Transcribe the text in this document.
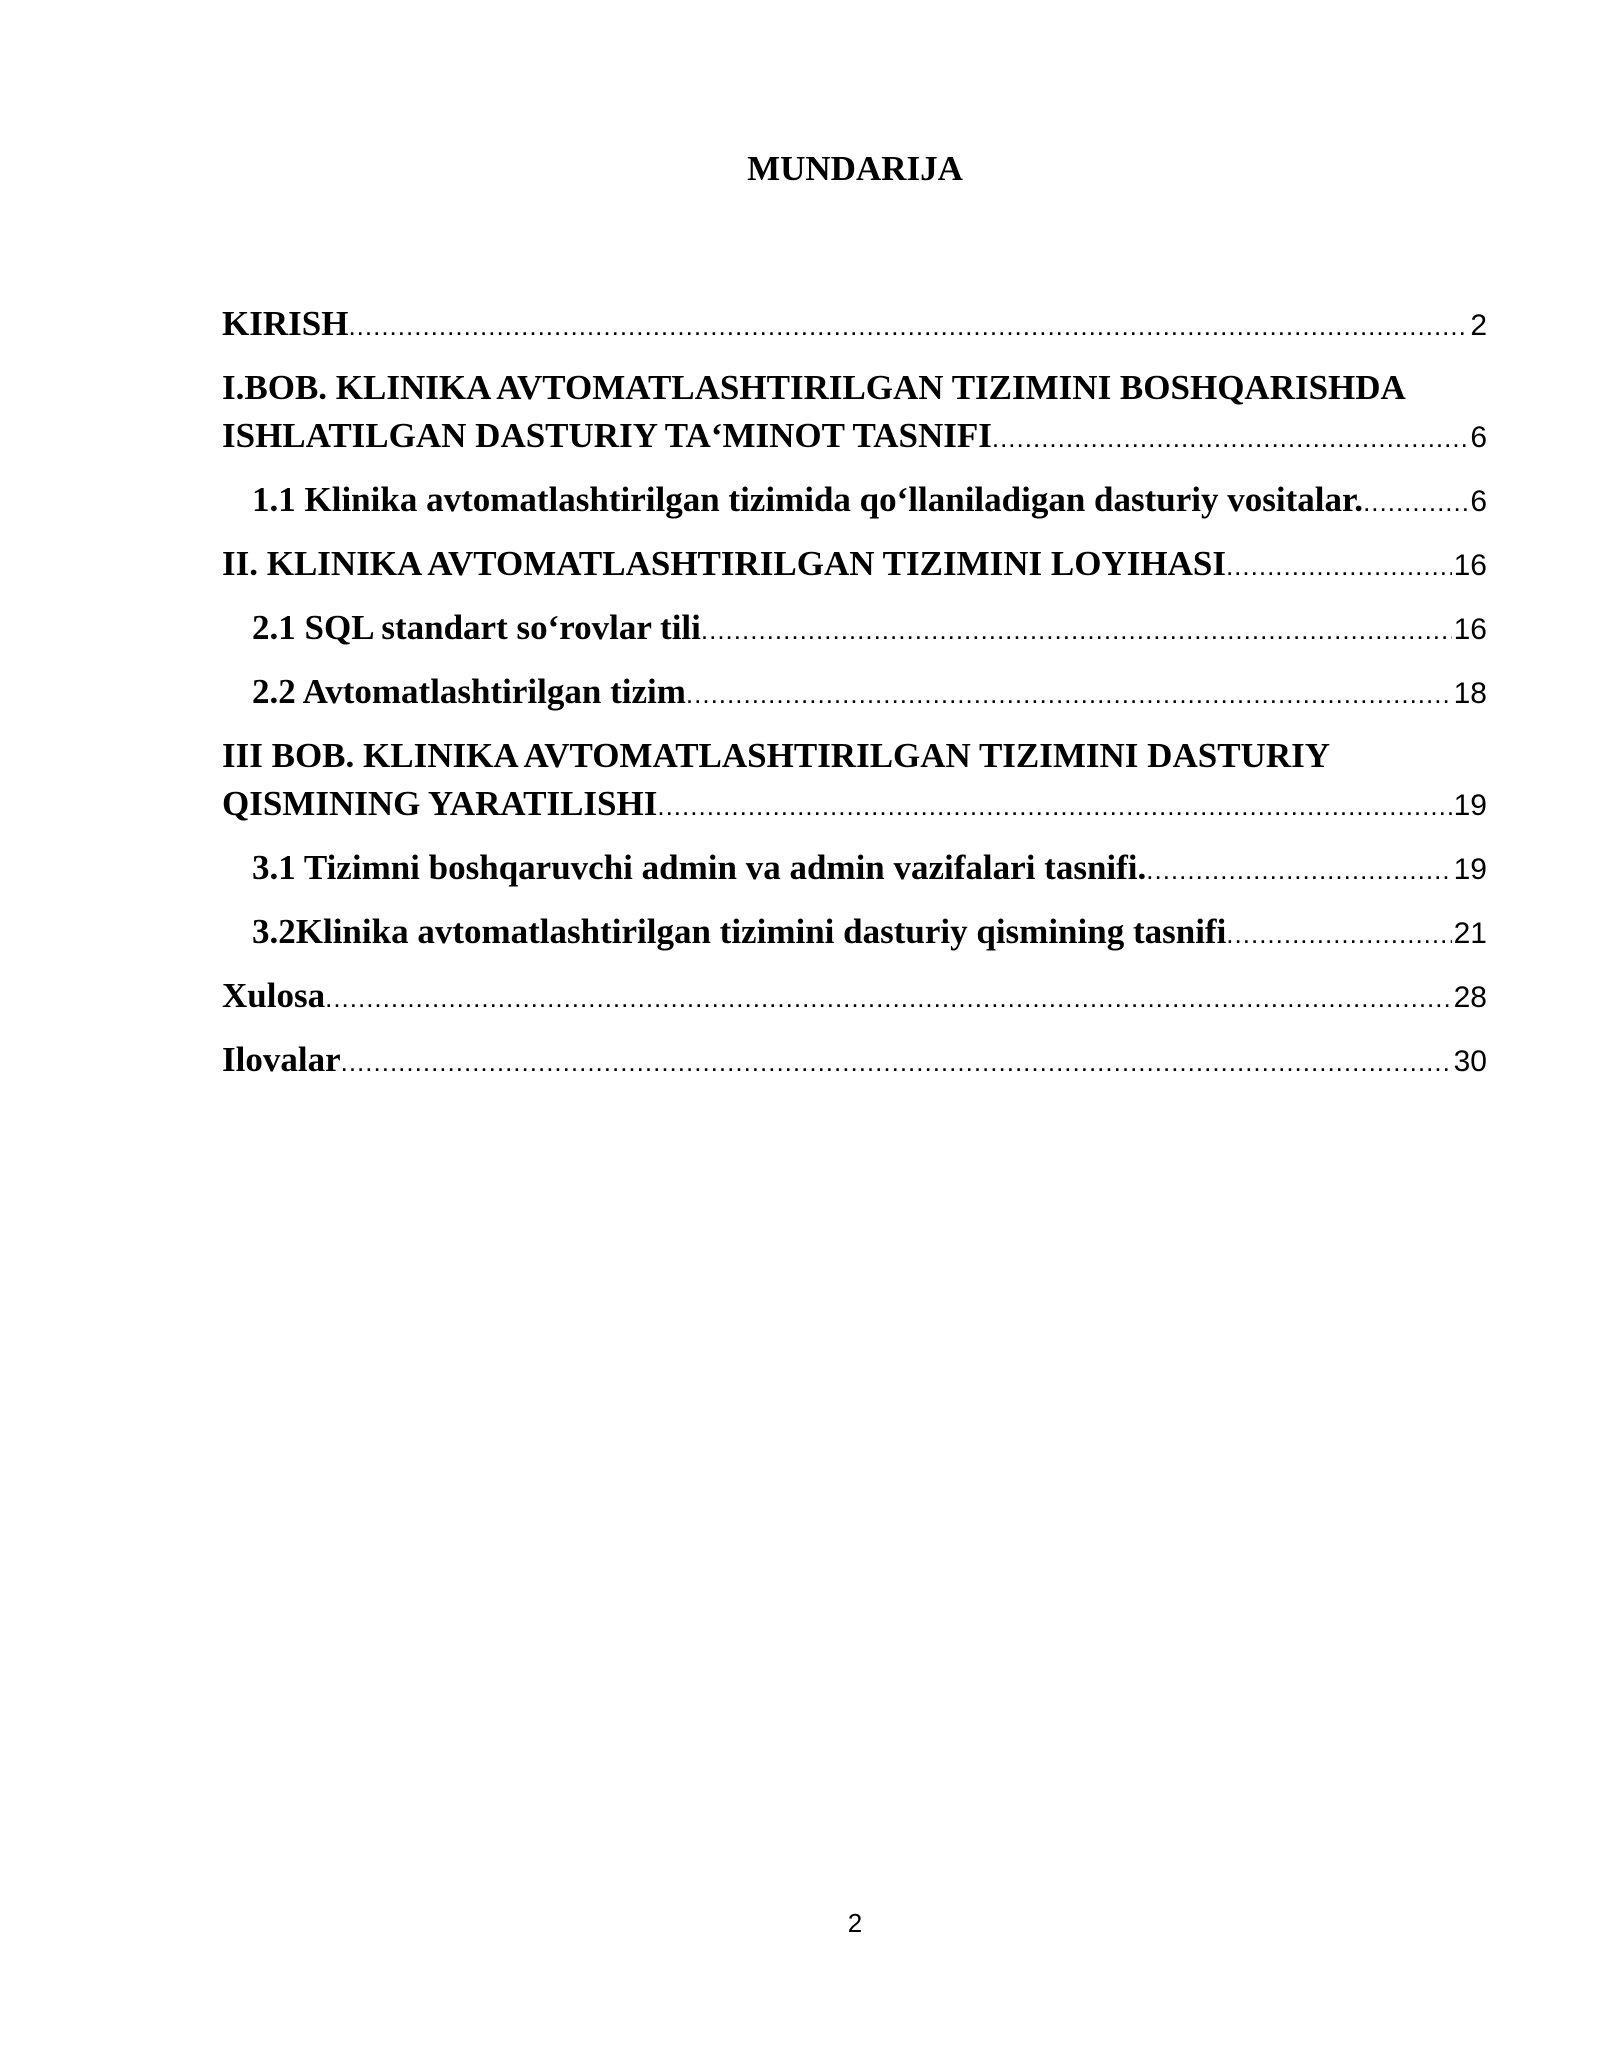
MUNDARIJA
KIRISH .....	2
I.BOB. KLINIKA AVTOMATLASHTIRILGAN TIZIMINI BOSHQARISHDA
ISHLATILGAN DASTURIY TA‘MINOT TASNIFI .....	6
1.1 Klinika avtomatlashtirilgan tizimida qo‘llaniladigan dasturiy vositalar. .....	6
II. KLINIKA AVTOMATLASHTIRILGAN TIZIMINI LOYIHASI .....	16
2.1 SQL standart so‘rovlar tili .....	16
2.2 Avtomatlashtirilgan tizim .....	18
III BOB. KLINIKA AVTOMATLASHTIRILGAN TIZIMINI DASTURIY
QISMINING YARATILISHI .....	19
3.1 Tizimni boshqaruvchi admin va admin vazifalari tasnifi. .....	19
3.2Klinika avtomatlashtirilgan tizimini dasturiy qismining tasnifi .....	21
Xulosa .....	28
Ilovalar .....	30
2
